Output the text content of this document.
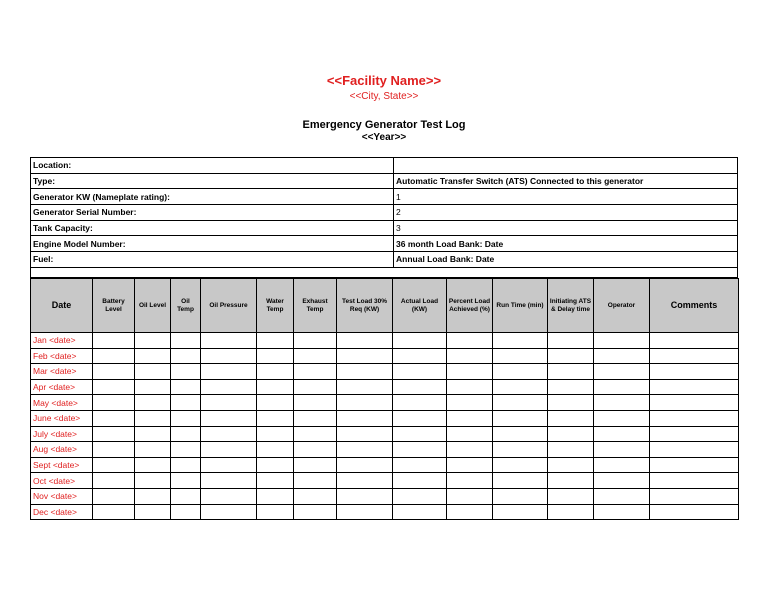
<<Facility Name>>
<<City, State>>
Emergency Generator Test Log
<<Year>>
Location:	
Type:	Automatic Transfer Switch (ATS) Connected to this generator
Generator KW (Nameplate rating):	1
Generator Serial Number:	2
Tank Capacity:	3
Engine Model Number:	36 month Load Bank: Date
Fuel:	Annual Load Bank: Date

Date	Battery Level	Oil Level	Oil Temp	Oil Pressure	Water Temp	Exhaust Temp	Test Load 30% Req (KW)	Actual Load (KW)	Percent Load Achieved (%)	Run Time (min)	Initiating ATS & Delay time	Operator	Comments
Jan <date>													
Feb <date>													
Mar <date>													
Apr <date>													
May <date>													
June <date>													
July <date>													
Aug <date>													
Sept <date>													
Oct <date>													
Nov <date>													
Dec <date>													
